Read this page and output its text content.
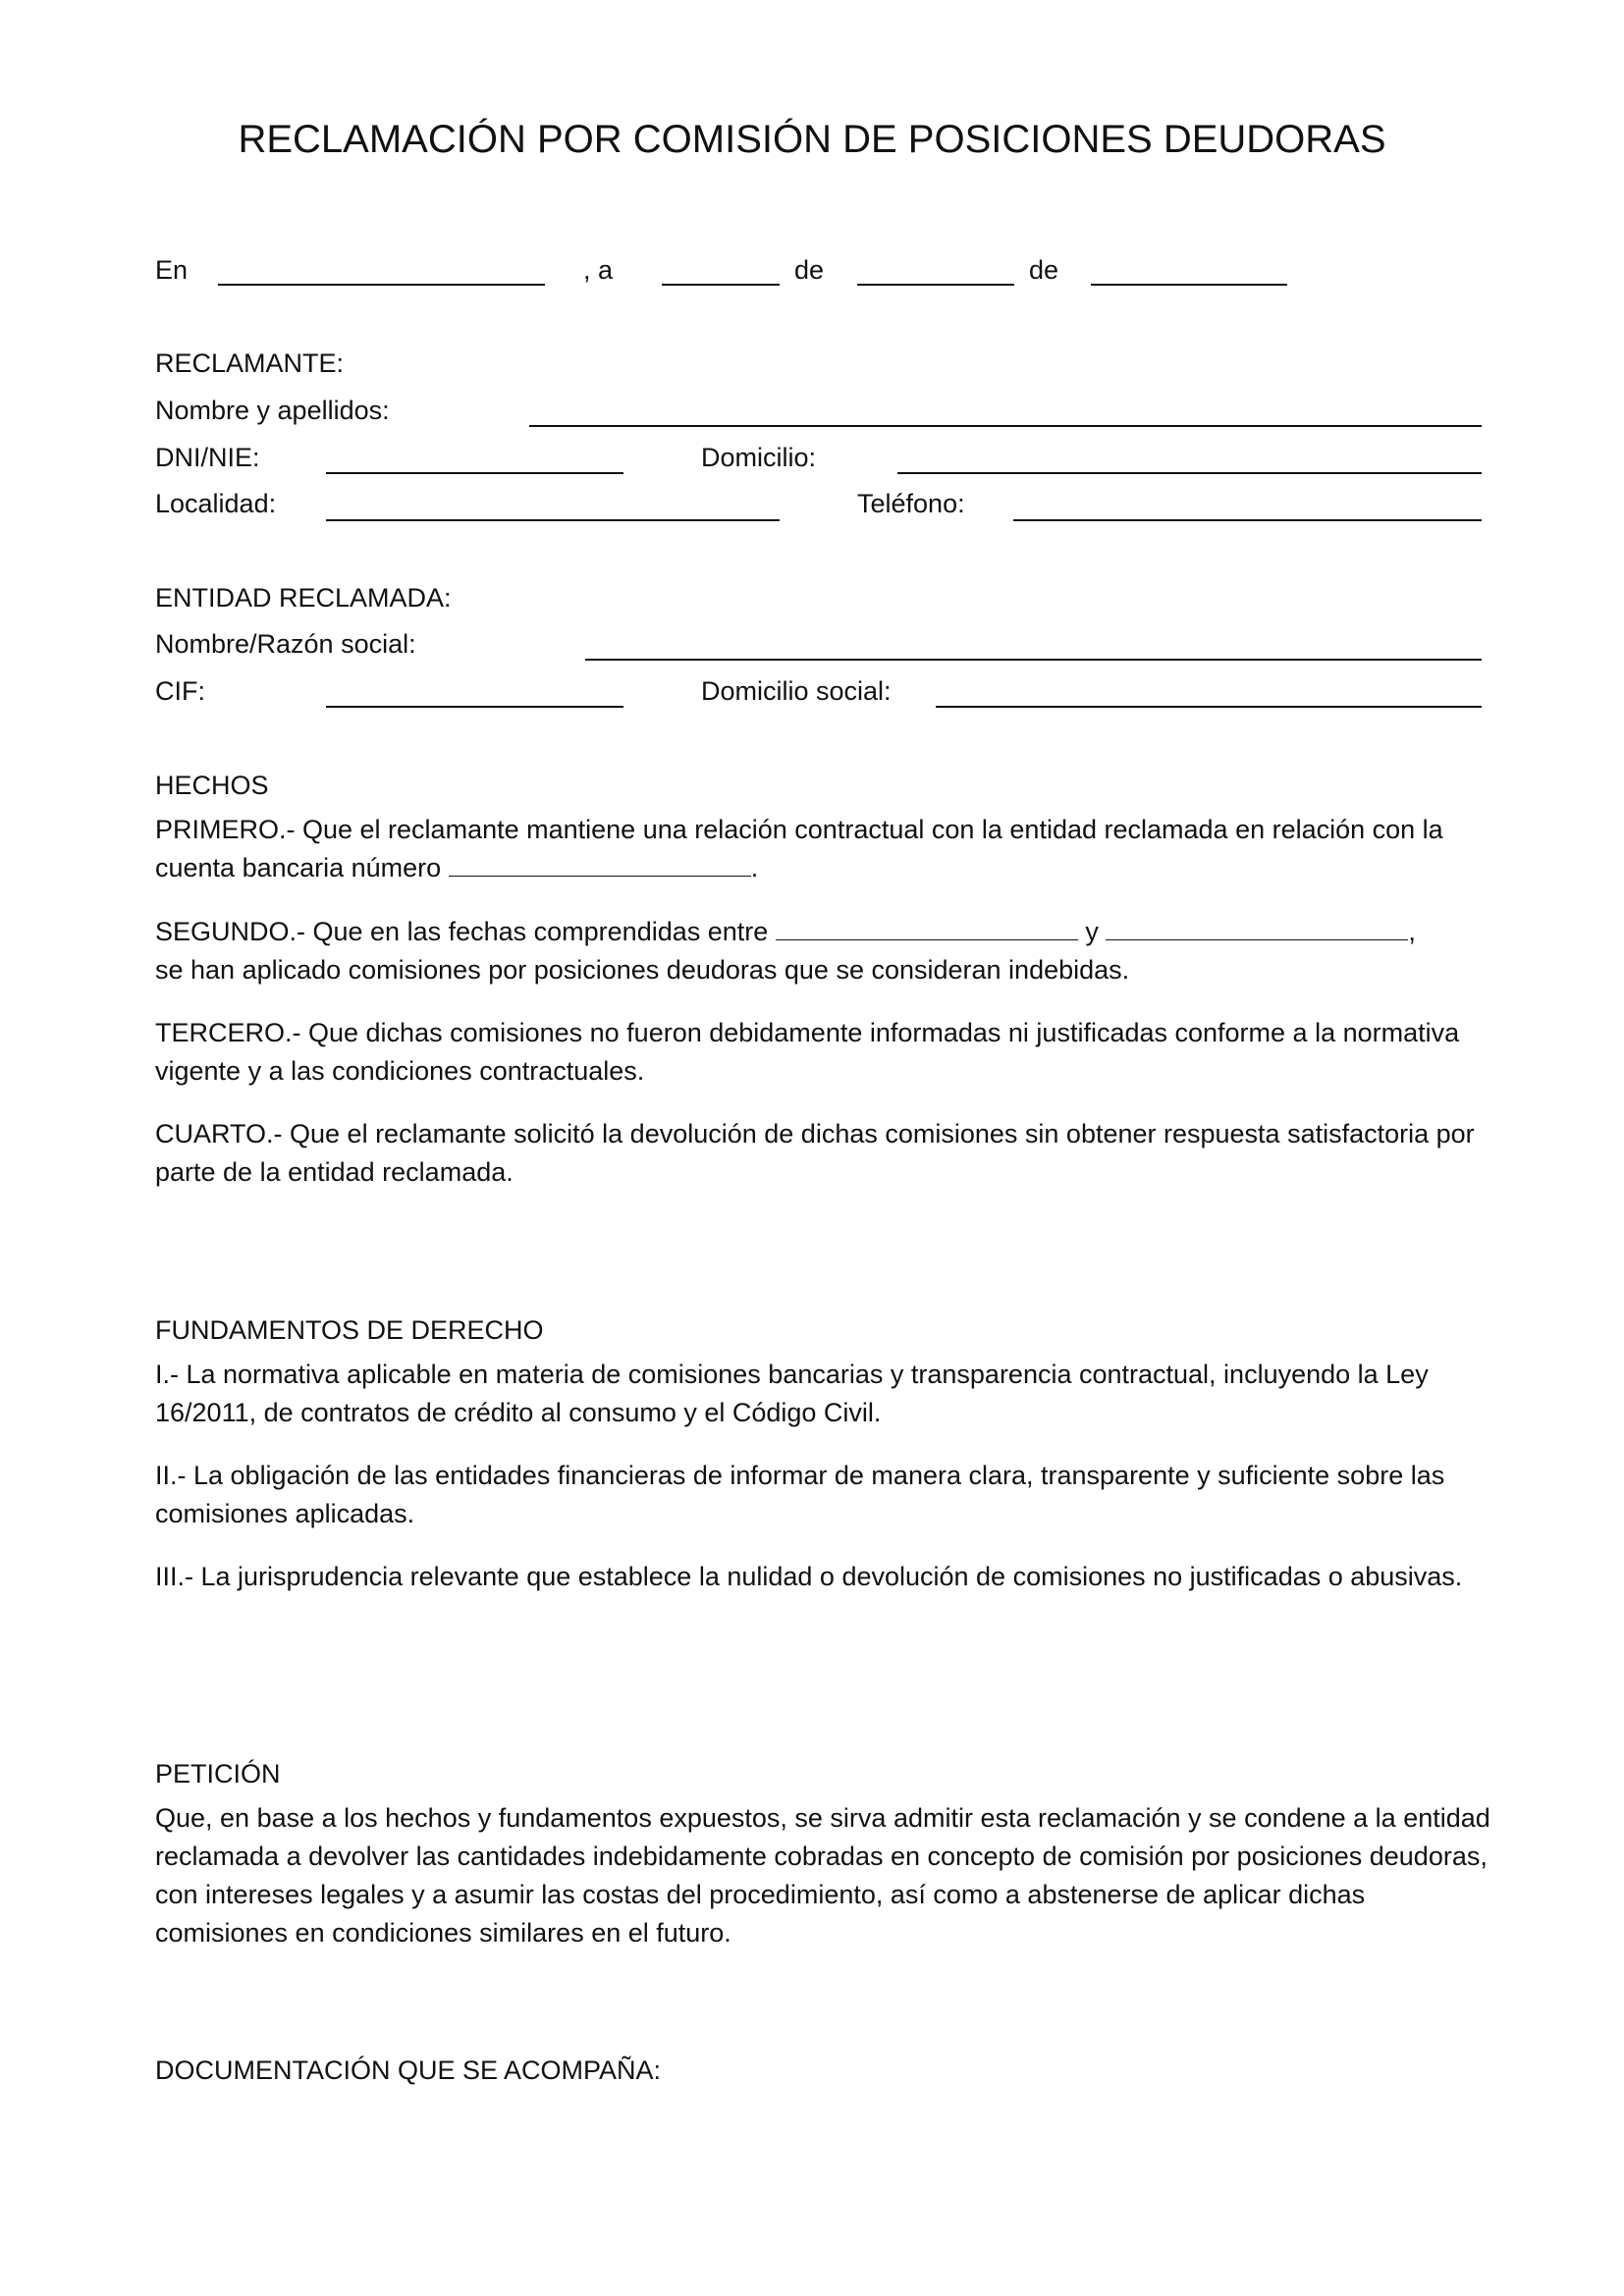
RECLAMACIÓN POR COMISIÓN DE POSICIONES DEUDORAS
En	, a	de	de
RECLAMANTE:
Nombre y apellidos:
DNI/NIE:	Domicilio:
Localidad:	Teléfono:
ENTIDAD RECLAMADA:
Nombre/Razón social:
CIF:	Domicilio social:
HECHOS
PRIMERO.- Que el reclamante mantiene una relación contractual con la entidad reclamada en relación con la cuenta bancaria número	.
SEGUNDO.- Que en las fechas comprendidas entre	y	,
se han aplicado comisiones por posiciones deudoras que se consideran indebidas.
TERCERO.- Que dichas comisiones no fueron debidamente informadas ni justificadas conforme a la normativa vigente y a las condiciones contractuales.
CUARTO.- Que el reclamante solicitó la devolución de dichas comisiones sin obtener respuesta satisfactoria por parte de la entidad reclamada.
FUNDAMENTOS DE DERECHO
I.- La normativa aplicable en materia de comisiones bancarias y transparencia contractual, incluyendo la Ley 16/2011, de contratos de crédito al consumo y el Código Civil.
II.- La obligación de las entidades financieras de informar de manera clara, transparente y suficiente sobre las comisiones aplicadas.
III.- La jurisprudencia relevante que establece la nulidad o devolución de comisiones no justificadas o abusivas.
PETICIÓN
Que, en base a los hechos y fundamentos expuestos, se sirva admitir esta reclamación y se condene a la entidad reclamada a devolver las cantidades indebidamente cobradas en concepto de comisión por posiciones deudoras, con intereses legales y a asumir las costas del procedimiento, así como a abstenerse de aplicar dichas comisiones en condiciones similares en el futuro.
DOCUMENTACIÓN QUE SE ACOMPAÑA:
